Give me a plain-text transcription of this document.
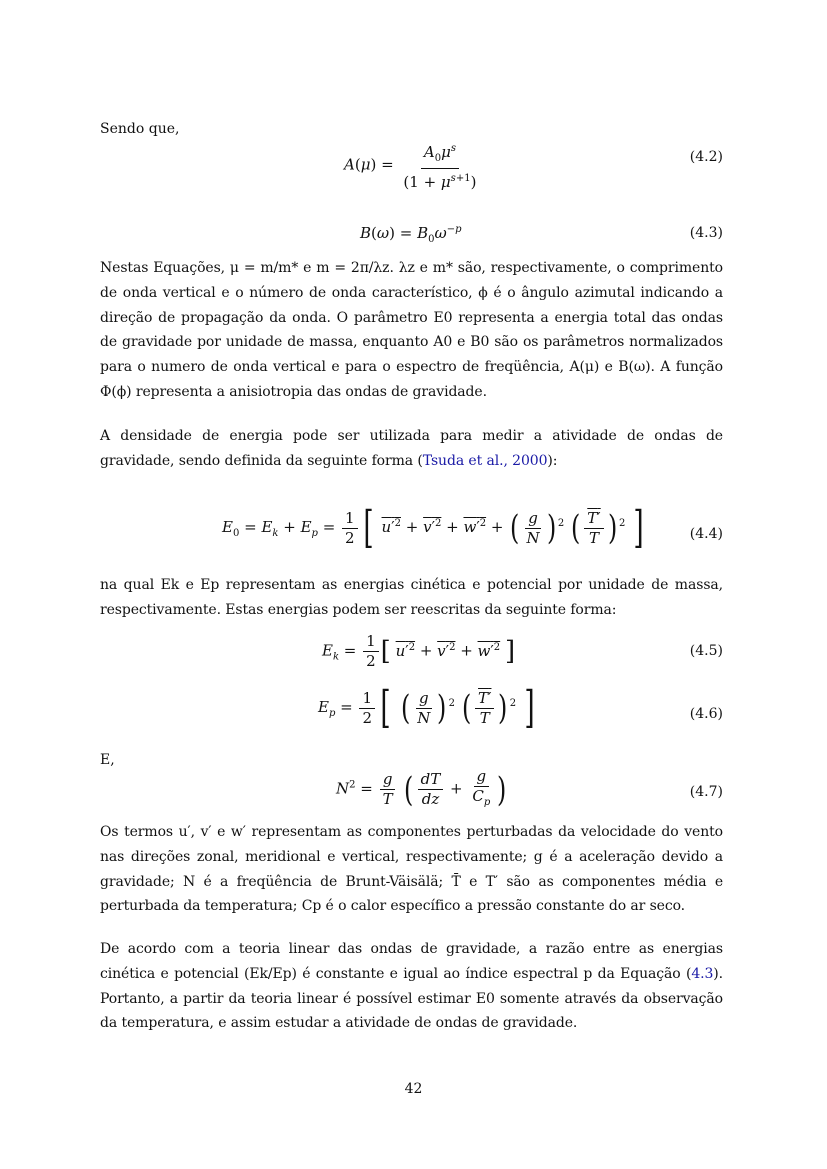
Sendo que,
$A(\mu) = \frac{A_0\mu^s}{(1 + \mu^{s+1})}$	(4.2)
$B(\omega) = B_0\omega^{-p}$	(4.3)
Nestas Equações, μ = m/m* e m = 2π/λz. λz e m* são, respectivamente, o comprimento de onda vertical e o número de onda característico, ϕ é o ângulo azimutal indicando a direção de propagação da onda. O parâmetro E0 representa a energia total das ondas de gravidade por unidade de massa, enquanto A0 e B0 são os parâmetros normalizados para o numero de onda vertical e para o espectro de freqüência, A(μ) e B(ω). A função Φ(ϕ) representa a anisiotropia das ondas de gravidade.
A densidade de energia pode ser utilizada para medir a atividade de ondas de gravidade, sendo definida da seguinte forma (Tsuda et al., 2000):
$E_0 = E_k + E_p = \frac{1}{2}$ [ $u'^2 + v'^2 + w'^2$ + ( $\frac{g}{N}$ ) $^2$ ( $\frac{T'}{T}$ ) $^2$ ]	(4.4)
na qual Ek e Ep representam as energias cinética e potencial por unidade de massa, respectivamente. Estas energias podem ser reescritas da seguinte forma:
$E_k = \frac{1}{2}$ [ $u'^2 + v'^2 + w'^2$ ]	(4.5)
$E_p = \frac{1}{2}$ [ ( $\frac{g}{N}$ ) $^2$ ( $\frac{T'}{T}$ ) $^2$ ]	(4.6)
E,
$N^2 = \frac{g}{T}$ ( $\frac{dT}{dz} + \frac{g}{C_p}$ )	(4.7)
Os termos u′, v′ e w′ representam as componentes perturbadas da velocidade do vento nas direções zonal, meridional e vertical, respectivamente; g é a aceleração devido a gravidade; N é a freqüência de Brunt-Väisälä; T̄ e T′ são as componentes média e perturbada da temperatura; Cp é o calor específico a pressão constante do ar seco.
De acordo com a teoria linear das ondas de gravidade, a razão entre as energias cinética e potencial (Ek/Ep) é constante e igual ao índice espectral p da Equação (4.3). Portanto, a partir da teoria linear é possível estimar E0 somente através da observação da temperatura, e assim estudar a atividade de ondas de gravidade.
42
